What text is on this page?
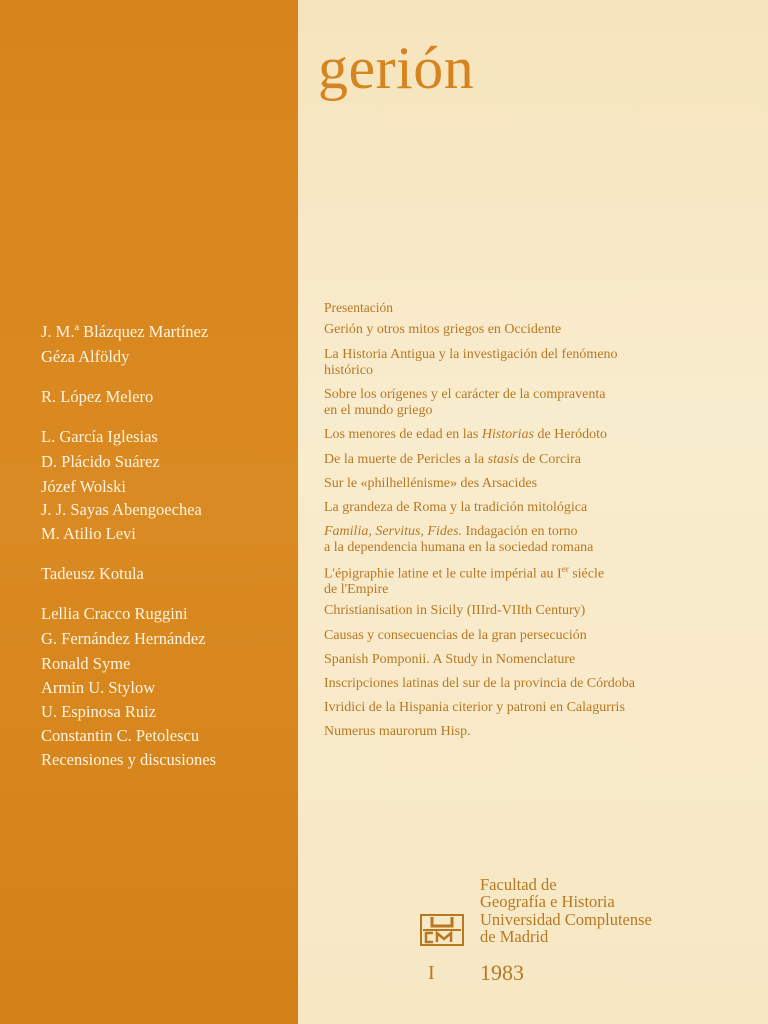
gerión
J. M.ª Blázquez Martínez
Géza Alföldy
R. López Melero
L. García Iglesias
D. Plácido Suárez
Józef Wolski
J. J. Sayas Abengoechea
M. Atilio Levi
Tadeusz Kotula
Lellia Cracco Ruggini
G. Fernández Hernández
Ronald Syme
Armin U. Stylow
U. Espinosa Ruiz
Constantin C. Petolescu
Recensiones y discusiones
Presentación
Gerión y otros mitos griegos en Occidente
La Historia Antigua y la investigación del fenómeno
histórico
Sobre los orígenes y el carácter de la compraventa
en el mundo griego
Los menores de edad en las Historias de Heródoto
De la muerte de Pericles a la stasis de Corcira
Sur le «philhellénisme» des Arsacides
La grandeza de Roma y la tradición mitológica
Familia, Servitus, Fides. Indagación en torno
a la dependencia humana en la sociedad romana
L'épigraphie latine et le culte impérial au Ier siécle
de l'Empire
Christianisation in Sicily (IIIrd-VIIth Century)
Causas y consecuencias de la gran persecución
Spanish Pomponii. A Study in Nomenclature
Inscripciones latinas del sur de la provincia de Córdoba
Ivridici de la Hispania citerior y patroni en Calagurris
Numerus maurorum Hisp.
Facultad de
Geografía e Historia
Universidad Complutense
de Madrid
I 1983
